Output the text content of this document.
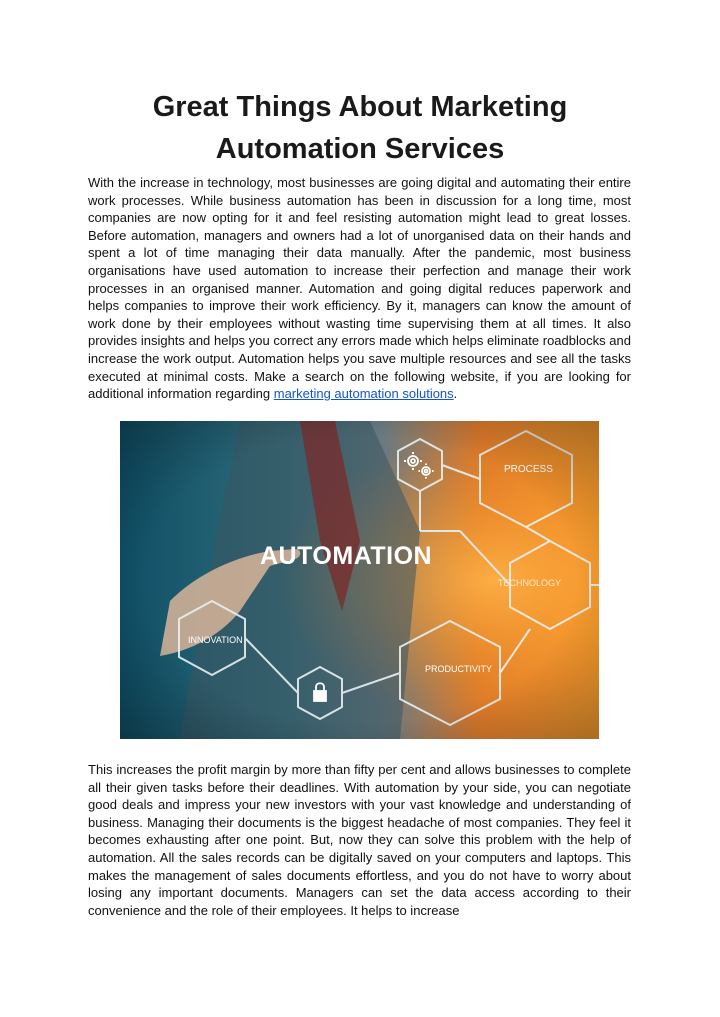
Great Things About Marketing Automation Services

With the increase in technology, most businesses are going digital and automating their entire work processes. While business automation has been in discussion for a long time, most companies are now opting for it and feel resisting automation might lead to great losses. Before automation, managers and owners had a lot of unorganised data on their hands and spent a lot of time managing their data manually. After the pandemic, most business organisations have used automation to increase their perfection and manage their work processes in an organised manner. Automation and going digital reduces paperwork and helps companies to improve their work efficiency. By it, managers can know the amount of work done by their employees without wasting time supervising them at all times. It also provides insights and helps you correct any errors made which helps eliminate roadblocks and increase the work output. Automation helps you save multiple resources and see all the tasks executed at minimal costs. Make a search on the following website, if you are looking for additional information regarding marketing automation solutions.

This increases the profit margin by more than fifty per cent and allows businesses to complete all their given tasks before their deadlines. With automation by your side, you can negotiate good deals and impress your new investors with your vast knowledge and understanding of business. Managing their documents is the biggest headache of most companies. They feel it becomes exhausting after one point. But, now they can solve this problem with the help of automation. All the sales records can be digitally saved on your computers and laptops. This makes the management of sales documents effortless, and you do not have to worry about losing any important documents. Managers can set the data access according to their convenience and the role of their employees. It helps to increase
